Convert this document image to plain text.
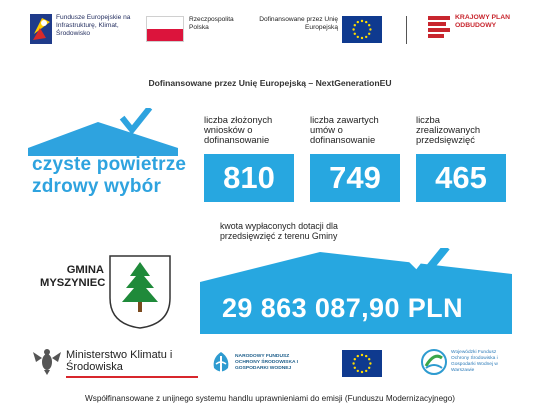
Fundusze Europejskie na Infrastrukturę, Klimat, Środowisko
Rzeczpospolita Polska
Dofinansowane przez Unię Europejską
KRAJOWY PLAN ODBUDOWY
Dofinansowane przez Unię Europejską – NextGenerationEU
czyste powietrze
zdrowy wybór
liczba złożonych wniosków o dofinansowanie
810
liczba zawartych umów o dofinansowanie
749
liczba zrealizowanych przedsięwzięć
465
kwota wypłaconych dotacji dla przedsięwzięć z terenu Gminy
29 863 087,90 PLN
GMINA
MYSZYNIEC
Ministerstwo Klimatu i Środowiska
NARODOWY FUNDUSZ OCHRONY ŚRODOWISKA I GOSPODARKI WODNEJ
Wojewódzki Fundusz Ochrony Środowiska i Gospodarki Wodnej w Warszawie
Współfinansowane z unijnego systemu handlu uprawnieniami do emisji (Funduszu Modernizacyjnego)
